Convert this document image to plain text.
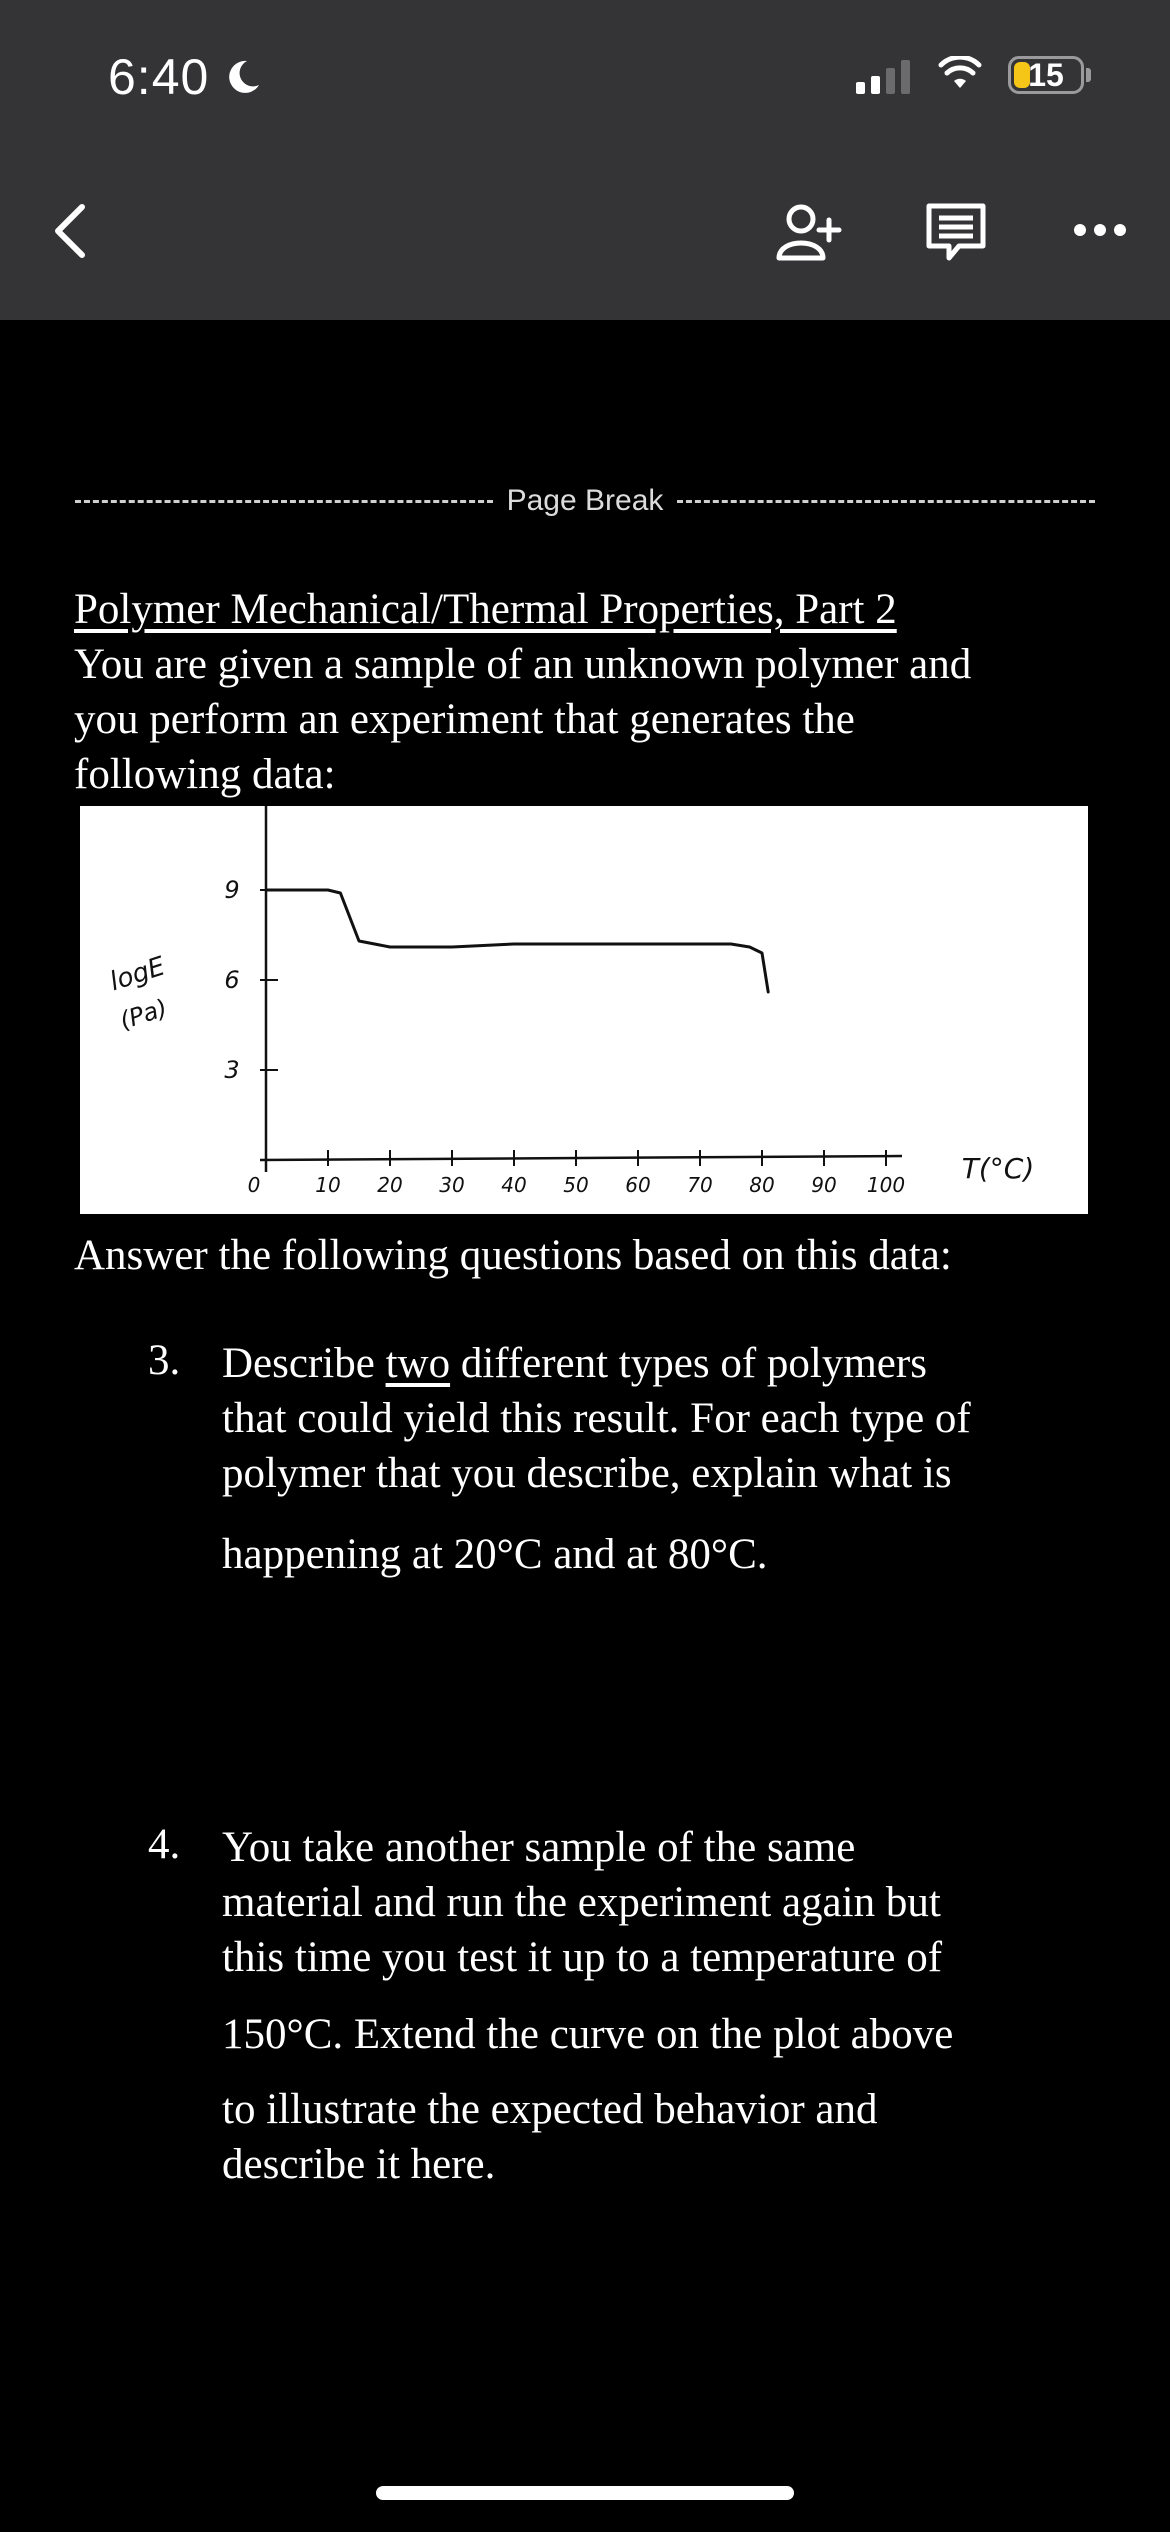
6:40	15
Page Break
Polymer Mechanical/Thermal Properties, Part 2
You are given a sample of an unknown polymer and
you perform an experiment that generates the
following data:
0	10 20 30 40 50 60 70 80 90 100
9
6
3
logE
(Pa)
T(°C)
Answer the following questions based on this data:
3. Describe two different types of polymers
that could yield this result. For each type of
polymer that you describe, explain what is
happening at 20°C and at 80°C.
4. You take another sample of the same
material and run the experiment again but
this time you test it up to a temperature of
150°C. Extend the curve on the plot above
to illustrate the expected behavior and
describe it here.
